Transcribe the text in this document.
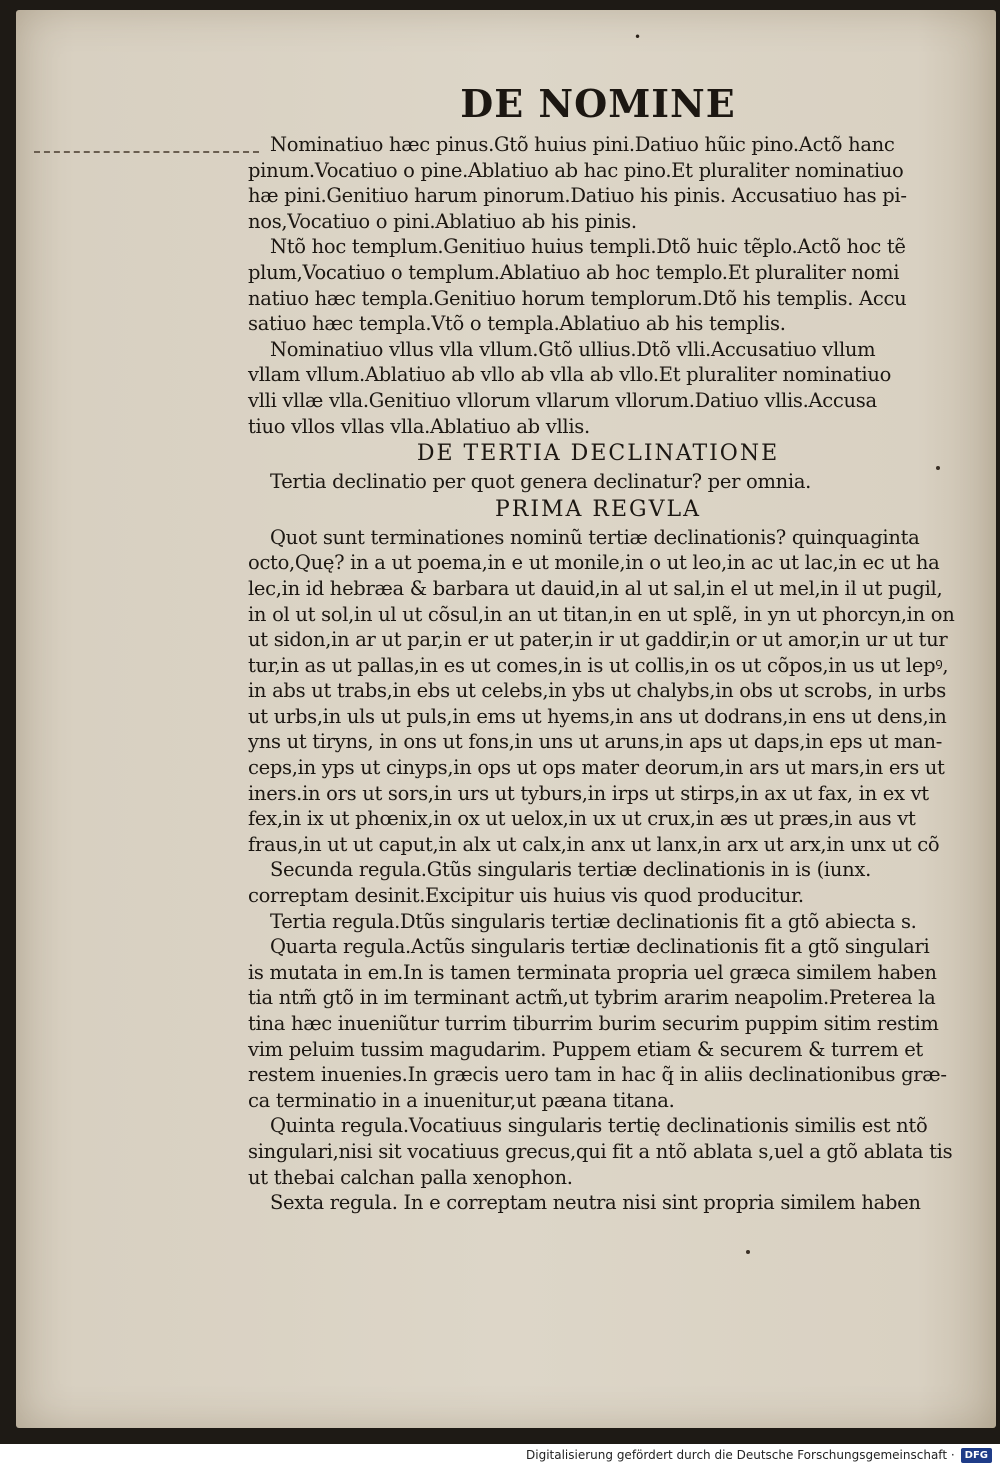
•
DE NOMINE
Nominatiuo hæc pinus.Gtõ huius pini.Datiuo hũic pino.Actõ hanc
pinum.Vocatiuo o pine.Ablatiuo ab hac pino.Et pluraliter nominatiuo
hæ pini.Genitiuo harum pinorum.Datiuo his pinis. Accusatiuo has pi-
nos,Vocatiuo o pini.Ablatiuo ab his pinis.
Ntõ hoc templum.Genitiuo huius templi.Dtõ huic tẽplo.Actõ hoc tẽ
plum,Vocatiuo o templum.Ablatiuo ab hoc templo.Et pluraliter nomi
natiuo hæc templa.Genitiuo horum templorum.Dtõ his templis. Accu
satiuo hæc templa.Vtõ o templa.Ablatiuo ab his templis.
Nominatiuo vllus vlla vllum.Gtõ ullius.Dtõ vlli.Accusatiuo vllum
vllam vllum.Ablatiuo ab vllo ab vlla ab vllo.Et pluraliter nominatiuo
vlli vllæ vlla.Genitiuo vllorum vllarum vllorum.Datiuo vllis.Accusa
tiuo vllos vllas vlla.Ablatiuo ab vllis.
DE TERTIA DECLINATIONE
Tertia declinatio per quot genera declinatur? per omnia.
PRIMA REGVLA
Quot sunt terminationes nominũ tertiæ declinationis? quinquaginta
octo,Quę? in a ut poema,in e ut monile,in o ut leo,in ac ut lac,in ec ut ha
lec,in id hebræa & barbara ut dauid,in al ut sal,in el ut mel,in il ut pugil,
in ol ut sol,in ul ut cõsul,in an ut titan,in en ut splẽ, in yn ut phorcyn,in on
ut sidon,in ar ut par,in er ut pater,in ir ut gaddir,in or ut amor,in ur ut tur
tur,in as ut pallas,in es ut comes,in is ut collis,in os ut cõpos,in us ut lepꝰ,
in abs ut trabs,in ebs ut celebs,in ybs ut chalybs,in obs ut scrobs, in urbs
ut urbs,in uls ut puls,in ems ut hyems,in ans ut dodrans,in ens ut dens,in
yns ut tiryns, in ons ut fons,in uns ut aruns,in aps ut daps,in eps ut man-
ceps,in yps ut cinyps,in ops ut ops mater deorum,in ars ut mars,in ers ut
iners.in ors ut sors,in urs ut tyburs,in irps ut stirps,in ax ut fax, in ex vt
fex,in ix ut phœnix,in ox ut uelox,in ux ut crux,in æs ut præs,in aus vt
fraus,in ut ut caput,in alx ut calx,in anx ut lanx,in arx ut arx,in unx ut cõ
Secunda regula.Gtũs singularis tertiæ declinationis in is (iunx.
correptam desinit.Excipitur uis huius vis quod producitur.
Tertia regula.Dtũs singularis tertiæ declinationis fit a gtõ abiecta s.
Quarta regula.Actũs singularis tertiæ declinationis fit a gtõ singulari
is mutata in em.In is tamen terminata propria uel græca similem haben
tia ntm̃ gtõ in im terminant actm̃,ut tybrim ararim neapolim.Preterea la
tina hæc inueniũtur turrim tiburrim burim securim puppim sitim restim
vim peluim tussim magudarim. Puppem etiam & securem & turrem et
restem inuenies.In græcis uero tam in hac q̃ in aliis declinationibus græ-
ca terminatio in a inuenitur,ut pæana titana.
Quinta regula.Vocatiuus singularis tertię declinationis similis est ntõ
singulari,nisi sit vocatiuus grecus,qui fit a ntõ ablata s,uel a gtõ ablata tis
ut thebai calchan palla xenophon.
Sexta regula. In e correptam neutra nisi sint propria similem haben
Digitalisierung gefördert durch die Deutsche Forschungsgemeinschaft ·	DFG
